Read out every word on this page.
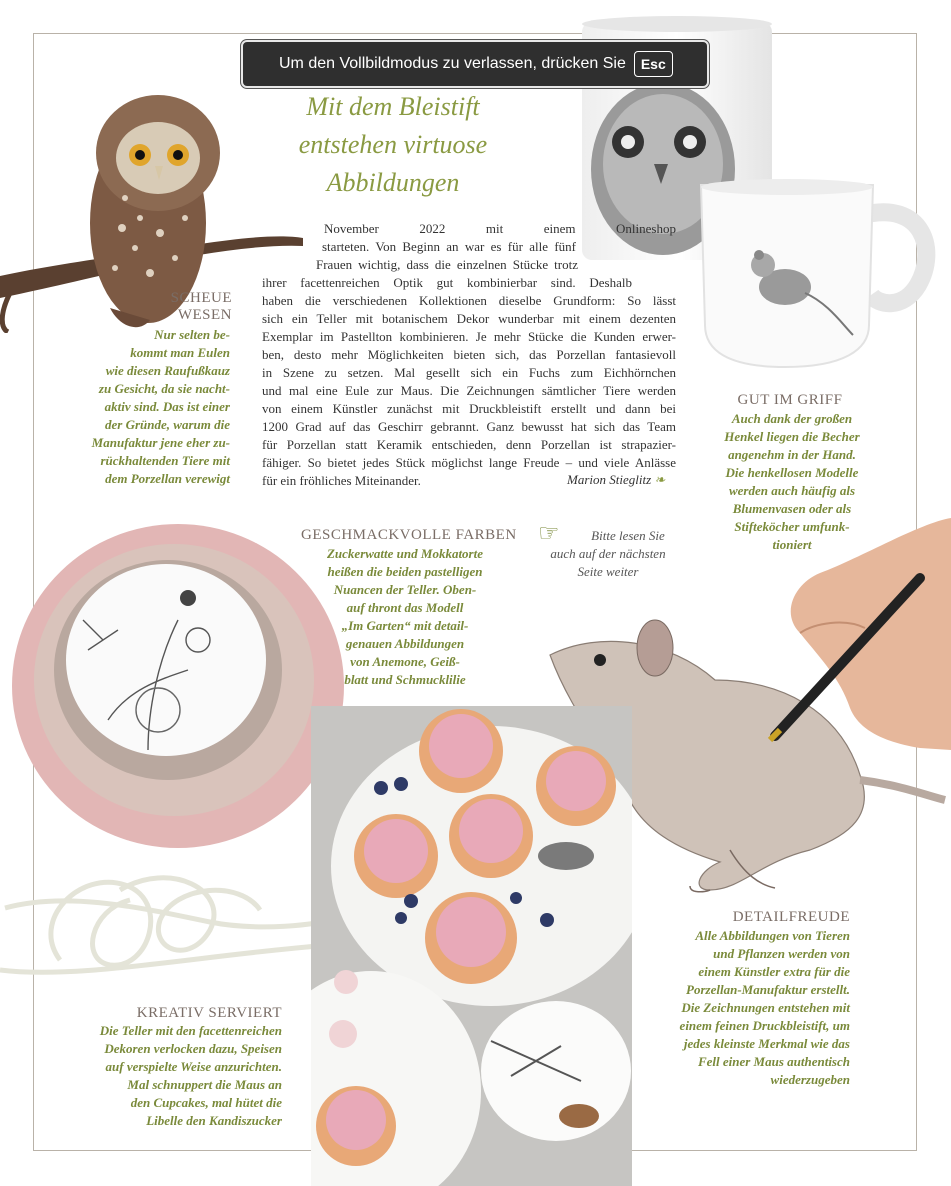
Mit dem Bleistift
entstehen virtuose
Abbildungen
November 2022 mit einem Onlineshop
starteten. Von Beginn an war es für alle fünf
Frauen wichtig, dass die einzelnen Stücke trotz
ihrer facettenreichen Optik gut kombinierbar sind. Deshalb
haben die verschiedenen Kollektionen dieselbe Grundform: So lässt
sich ein Teller mit botanischem Dekor wunderbar mit einem dezenten
Exemplar im Pastellton kombinieren. Je mehr Stücke die Kunden erwer-
ben, desto mehr Möglichkeiten bieten sich, das Porzellan fantasievoll
in Szene zu setzen. Mal gesellt sich ein Fuchs zum Eichhörnchen
und mal eine Eule zur Maus. Die Zeichnungen sämtlicher Tiere werden
von einem Künstler zunächst mit Druckbleistift erstellt und dann bei
1200 Grad auf das Geschirr gebrannt. Ganz bewusst hat sich das Team
für Porzellan statt Keramik entschieden, denn Porzellan ist strapazier-
fähiger. So bietet jedes Stück möglichst lange Freude – und viele Anlässe
für ein fröhliches Miteinander.	Marion Stieglitz ❧
SCHEUE
WESEN
Nur selten be-
kommt man Eulen
wie diesen Raufußkauz
zu Gesicht, da sie nacht-
aktiv sind. Das ist einer
der Gründe, warum die
Manufaktur jene eher zu-
rückhaltenden Tiere mit
dem Porzellan verewigt
GUT IM GRIFF
Auch dank der großen
Henkel liegen die Becher
angenehm in der Hand.
Die henkellosen Modelle
werden auch häufig als
Blumenvasen oder als
Stifteköcher umfunk-
tioniert
GESCHMACKVOLLE FARBEN
Zuckerwatte und Mokkatorte
heißen die beiden pastelligen
Nuancen der Teller. Oben-
auf thront das Modell
„Im Garten“ mit detail-
genauen Abbildungen
von Anemone, Geiß-
blatt und Schmucklilie
☞	Bitte lesen Sie
auch auf der nächsten
Seite weiter
DETAILFREUDE
Alle Abbildungen von Tieren
und Pflanzen werden von
einem Künstler extra für die
Porzellan-Manufaktur erstellt.
Die Zeichnungen entstehen mit
einem feinen Druckbleistift, um
jedes kleinste Merkmal wie das
Fell einer Maus authentisch
wiederzugeben
KREATIV SERVIERT
Die Teller mit den facettenreichen
Dekoren verlocken dazu, Speisen
auf verspielte Weise anzurichten.
Mal schnuppert die Maus an
den Cupcakes, mal hütet die
Libelle den Kandiszucker
Um den Vollbildmodus zu verlassen, drücken Sie	Esc
